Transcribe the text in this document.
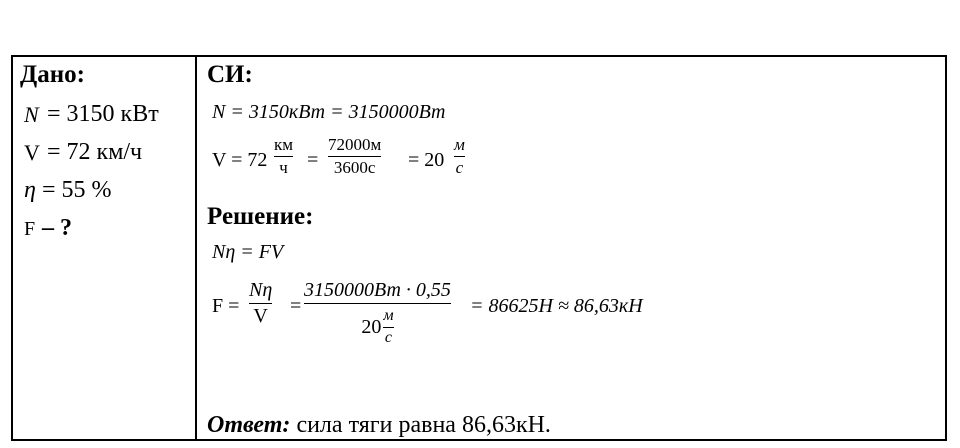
Дано:
N = 3150 кВт
V = 72 км/ч
η = 55 %
F – ?
СИ:
N = 3150кВт = 3150000Вт
V = 72
км
ч =
72000м
3600с = 20
м
с
Решение:
Nη = FV
F =
Nη
V =
3150000Вт · 0,55
$20 \frac{м}{с}$
= 86625Н ≈ 86,63кН
Ответ: сила тяги равна 86,63кН.
